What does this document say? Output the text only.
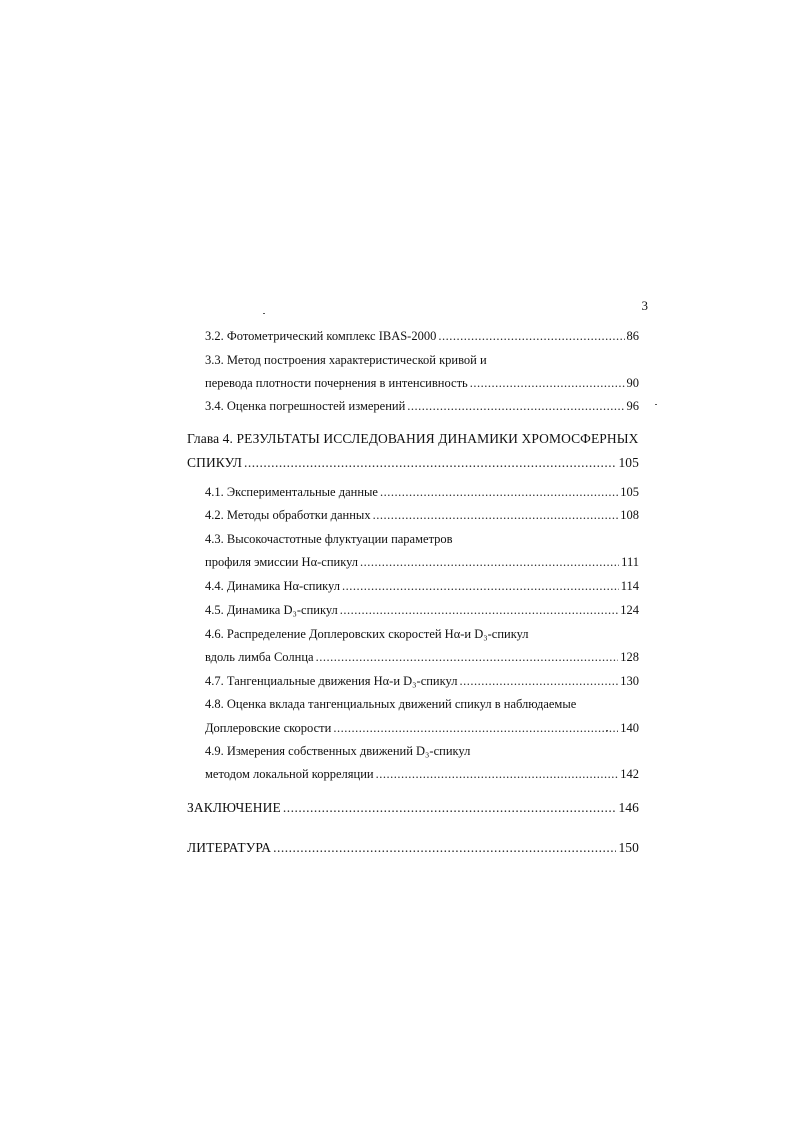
3
3.2. Фотометрический комплекс IBAS-2000 .....	86
3.3. Метод построения характеристической кривой и
перевода плотности почернения в интенсивность .....	90
3.4. Оценка погрешностей измерений .....	96
Глава 4. РЕЗУЛЬТАТЫ ИССЛЕДОВАНИЯ ДИНАМИКИ ХРОМОСФЕРНЫХ
СПИКУЛ .....	105
4.1. Экспериментальные данные .....	105
4.2. Методы обработки данных .....	108
4.3. Высокочастотные флуктуации параметров
профиля эмиссии Hα-спикул .....	111
4.4. Динамика Hα-спикул .....	114
4.5. Динамика D₃-спикул .....	124
4.6. Распределение Доплеровских скоростей Hα-и D₃-спикул
вдоль лимба Солнца .....	128
4.7. Тангенциальные движения Hα-и D₃-спикул .....	130
4.8. Оценка вклада тангенциальных движений спикул в наблюдаемые
Доплеровские скорости .....	140
4.9. Измерения собственных движений D₃-спикул
методом локальной корреляции .....	142
ЗАКЛЮЧЕНИЕ .....	146
ЛИТЕРАТУРА .....	150
